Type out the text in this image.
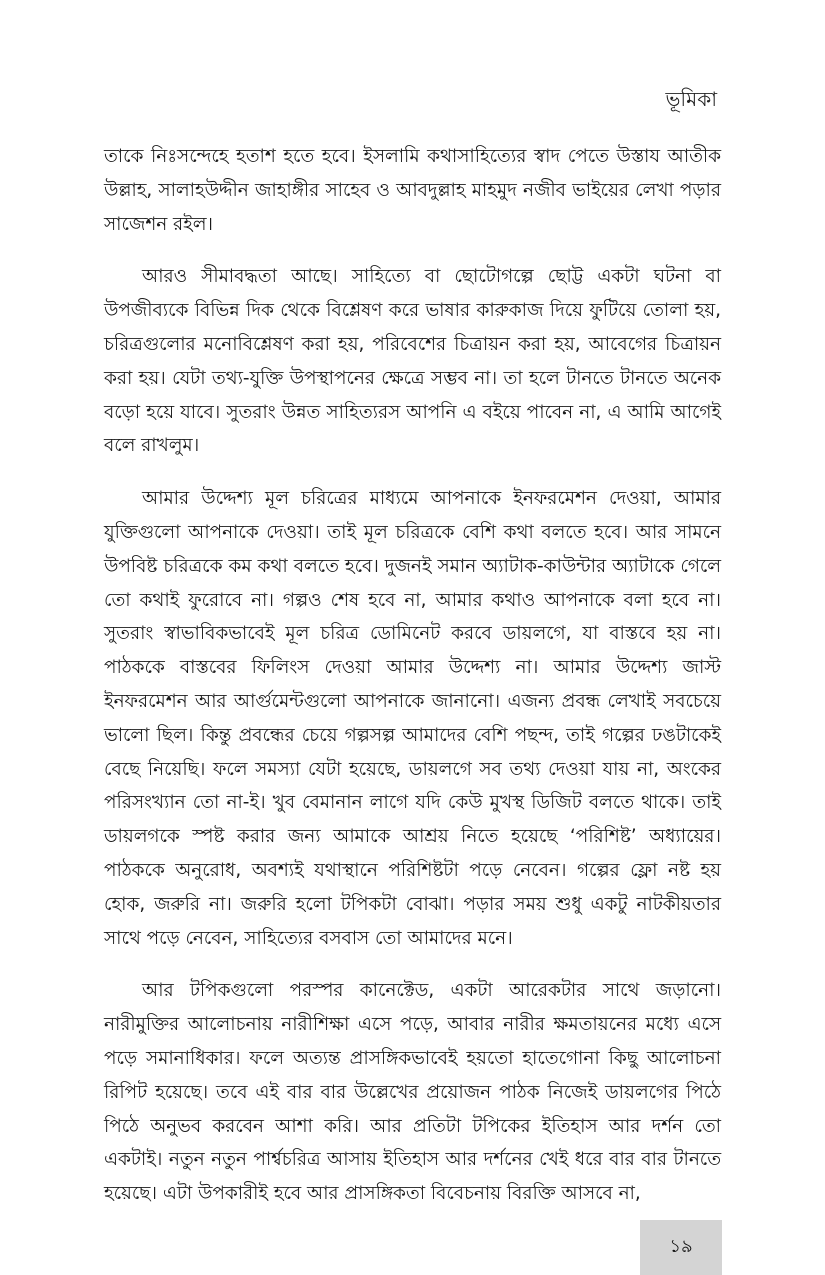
ভূমিকা

তাকে নিঃসন্দেহে হতাশ হতে হবে। ইসলামি কথাসাহিত্যের স্বাদ পেতে উস্তায আতীক উল্লাহ, সালাহউদ্দীন জাহাঙ্গীর সাহেব ও আবদুল্লাহ মাহমুদ নজীব ভাইয়ের লেখা পড়ার সাজেশন রইল।

আরও সীমাবদ্ধতা আছে। সাহিত্যে বা ছোটোগল্পে ছোট্ট একটা ঘটনা বা উপজীব্যকে বিভিন্ন দিক থেকে বিশ্লেষণ করে ভাষার কারুকাজ দিয়ে ফুটিয়ে তোলা হয়, চরিত্রগুলোর মনোবিশ্লেষণ করা হয়, পরিবেশের চিত্রায়ন করা হয়, আবেগের চিত্রায়ন করা হয়। যেটা তথ্য-যুক্তি উপস্থাপনের ক্ষেত্রে সম্ভব না। তা হলে টানতে টানতে অনেক বড়ো হয়ে যাবে। সুতরাং উন্নত সাহিত্যরস আপনি এ বইয়ে পাবেন না, এ আমি আগেই বলে রাখলুম।

আমার উদ্দেশ্য মূল চরিত্রের মাধ্যমে আপনাকে ইনফরমেশন দেওয়া, আমার যুক্তিগুলো আপনাকে দেওয়া। তাই মূল চরিত্রকে বেশি কথা বলতে হবে। আর সামনে উপবিষ্ট চরিত্রকে কম কথা বলতে হবে। দুজনই সমান অ্যাটাক-কাউন্টার অ্যাটাকে গেলে তো কথাই ফুরোবে না। গল্পও শেষ হবে না, আমার কথাও আপনাকে বলা হবে না। সুতরাং স্বাভাবিকভাবেই মূল চরিত্র ডোমিনেট করবে ডায়লগে, যা বাস্তবে হয় না। পাঠককে বাস্তবের ফিলিংস দেওয়া আমার উদ্দেশ্য না। আমার উদ্দেশ্য জাস্ট ইনফরমেশন আর আর্গুমেন্টগুলো আপনাকে জানানো। এজন্য প্রবন্ধ লেখাই সবচেয়ে ভালো ছিল। কিন্তু প্রবন্ধের চেয়ে গল্পসল্প আমাদের বেশি পছন্দ, তাই গল্পের ঢঙটাকেই বেছে নিয়েছি। ফলে সমস্যা যেটা হয়েছে, ডায়লগে সব তথ্য দেওয়া যায় না, অংকের পরিসংখ্যান তো না-ই। খুব বেমানান লাগে যদি কেউ মুখস্থ ডিজিট বলতে থাকে। তাই ডায়লগকে স্পষ্ট করার জন্য আমাকে আশ্রয় নিতে হয়েছে ‘পরিশিষ্ট’ অধ্যায়ের। পাঠককে অনুরোধ, অবশ্যই যথাস্থানে পরিশিষ্টটা পড়ে নেবেন। গল্পের ফ্লো নষ্ট হয় হোক, জরুরি না। জরুরি হলো টপিকটা বোঝা। পড়ার সময় শুধু একটু নাটকীয়তার সাথে পড়ে নেবেন, সাহিত্যের বসবাস তো আমাদের মনে।

আর টপিকগুলো পরস্পর কানেক্টেড, একটা আরেকটার সাথে জড়ানো। নারীমুক্তির আলোচনায় নারীশিক্ষা এসে পড়ে, আবার নারীর ক্ষমতায়নের মধ্যে এসে পড়ে সমানাধিকার। ফলে অত্যন্ত প্রাসঙ্গিকভাবেই হয়তো হাতেগোনা কিছু আলোচনা রিপিট হয়েছে। তবে এই বার বার উল্লেখের প্রয়োজন পাঠক নিজেই ডায়লগের পিঠে পিঠে অনুভব করবেন আশা করি। আর প্রতিটা টপিকের ইতিহাস আর দর্শন তো একটাই। নতুন নতুন পার্শ্বচরিত্র আসায় ইতিহাস আর দর্শনের খেই ধরে বার বার টানতে হয়েছে। এটা উপকারীই হবে আর প্রাসঙ্গিকতা বিবেচনায় বিরক্তি আসবে না,

১৯
